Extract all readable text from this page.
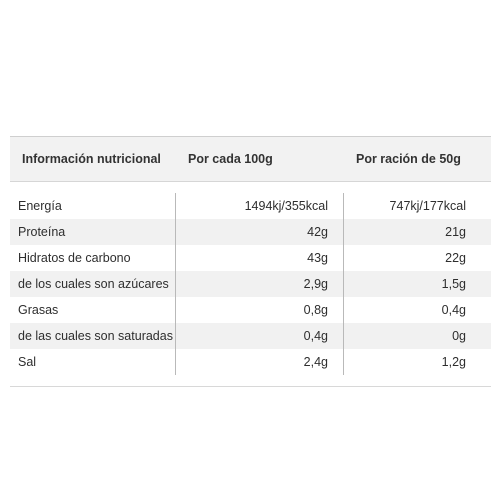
Información nutricional	Por cada 100g	Por ración de 50g
Energía	1494kj/355kcal	747kj/177kcal
Proteína	42g	21g
Hidratos de carbono	43g	22g
de los cuales son azúcares	2,9g	1,5g
Grasas	0,8g	0,4g
de las cuales son saturadas	0,4g	0g
Sal	2,4g	1,2g
